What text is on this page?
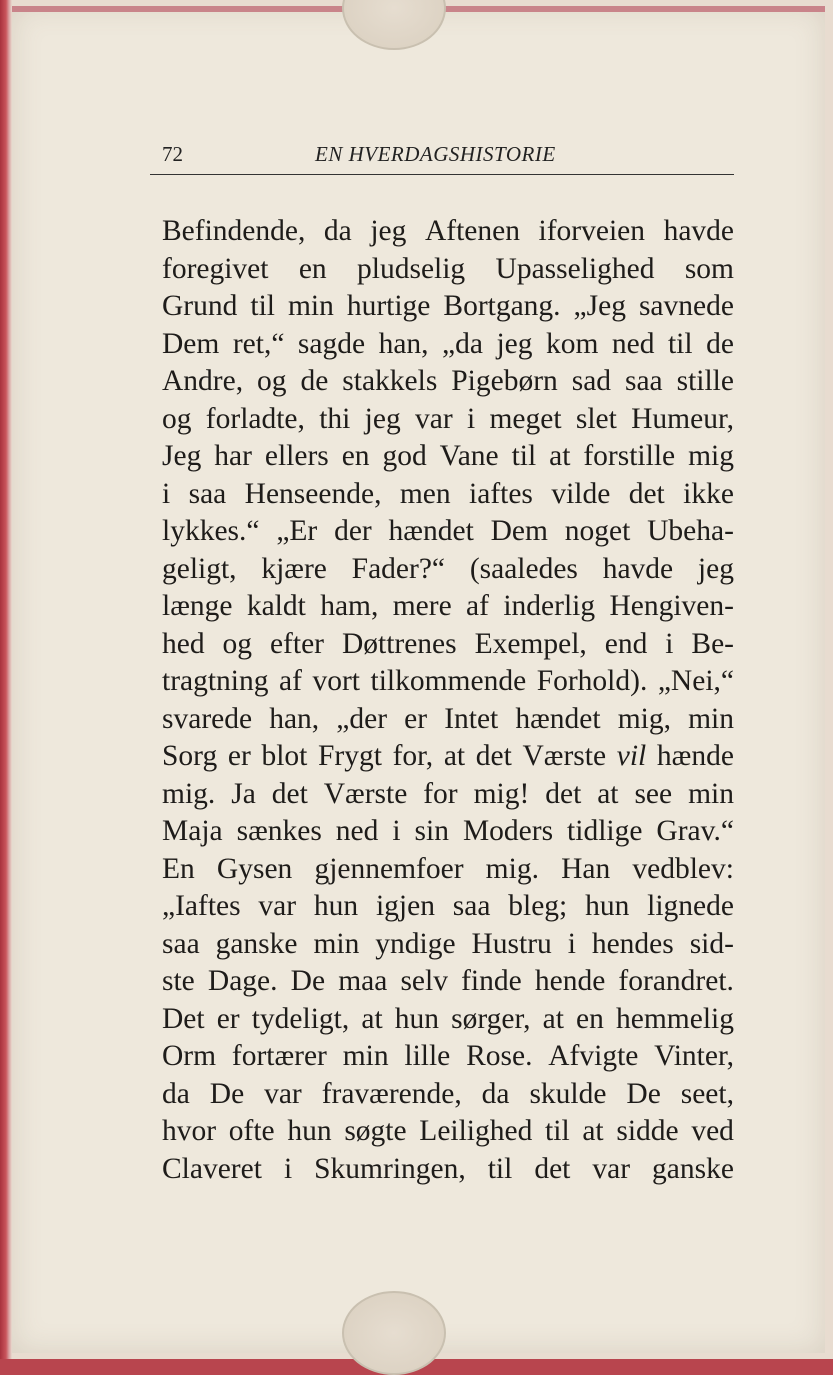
72	EN HVERDAGSHISTORIE
Befindende, da jeg Aftenen iforveien havde
foregivet en pludselig Upasselighed som
Grund til min hurtige Bortgang. „Jeg savnede
Dem ret,“ sagde han, „da jeg kom ned til de
Andre, og de stakkels Pigebørn sad saa stille
og forladte, thi jeg var i meget slet Humeur,
Jeg har ellers en god Vane til at forstille mig
i saa Henseende, men iaftes vilde det ikke
lykkes.“ „Er der hændet Dem noget Ubeha-
geligt, kjære Fader?“ (saaledes havde jeg
længe kaldt ham, mere af inderlig Hengiven-
hed og efter Døttrenes Exempel, end i Be-
tragtning af vort tilkommende Forhold). „Nei,“
svarede han, „der er Intet hændet mig, min
Sorg er blot Frygt for, at det Værste vil hænde
mig. Ja det Værste for mig! det at see min
Maja sænkes ned i sin Moders tidlige Grav.“
En Gysen gjennemfoer mig. Han vedblev:
„Iaftes var hun igjen saa bleg; hun lignede
saa ganske min yndige Hustru i hendes sid-
ste Dage. De maa selv finde hende forandret.
Det er tydeligt, at hun sørger, at en hemmelig
Orm fortærer min lille Rose. Afvigte Vinter,
da De var fraværende, da skulde De seet,
hvor ofte hun søgte Leilighed til at sidde ved
Claveret i Skumringen, til det var ganske
